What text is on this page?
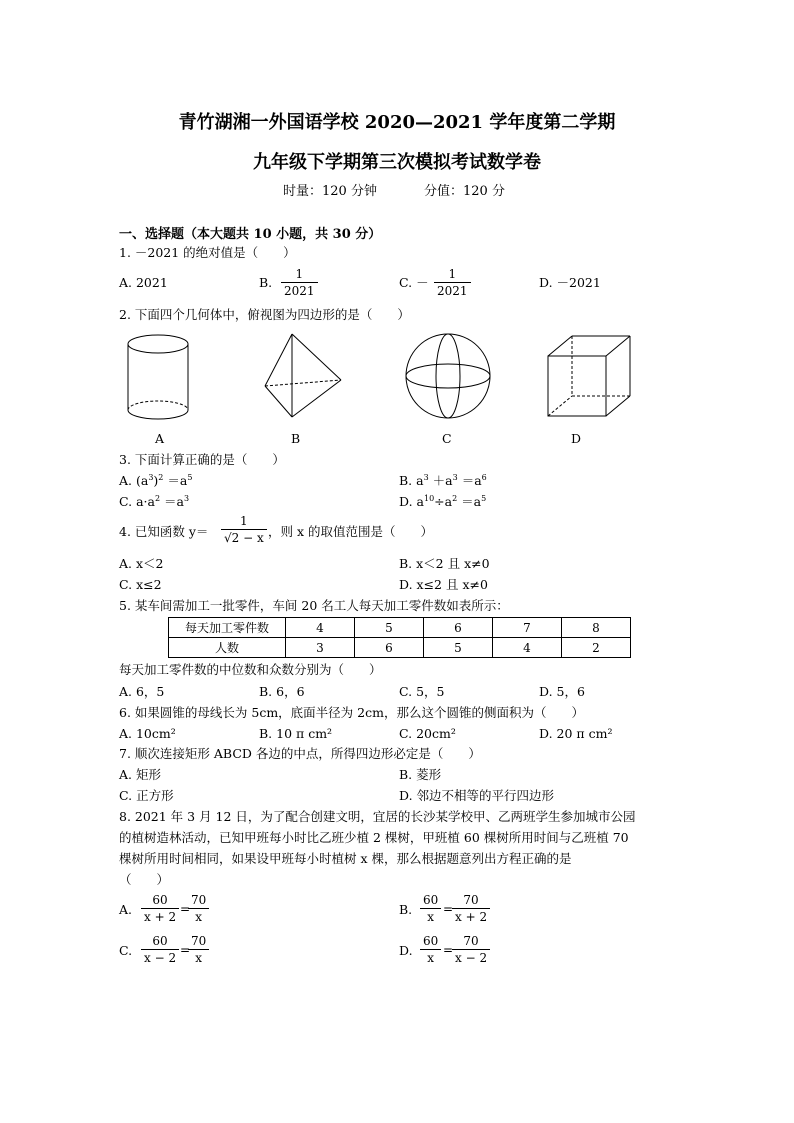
青竹湖湘一外国语学校 2020—2021 学年度第二学期
九年级下学期第三次模拟考试数学卷
时量：120 分钟	分值：120 分
一、选择题（本大题共 10 小题，共 30 分）
1. －2021 的绝对值是（　　）
A. 2021	B.
1
2021
C. －
1
2021
D. －2021
2. 下面四个几何体中，俯视图为四边形的是（　　）
A	B	C	D
3. 下面计算正确的是（　　）
A. $(a^3)^2 =a^5$	B. $a^3 +a^3 =a^6$
C. $a\cdot a^2 =a^3$	D. $a^{10}\div a^2 =a^5$
4. 已知函数 y＝
1
√2 − x ，则 x 的取值范围是（　　）
A. x＜2	B. x＜2 且 x≠0
C. x≤2	D. x≤2 且 x≠0
5. 某车间需加工一批零件，车间 20 名工人每天加工零件数如表所示：
每天加工零件数	4	5	6	7	8
人数	3	6	5	4	2
每天加工零件数的中位数和众数分别为（　　）
A. 6，5	B. 6，6	C. 5，5	D. 5，6
6. 如果圆锥的母线长为 5cm，底面半径为 2cm，那么这个圆锥的侧面积为（　　）
A. 10cm²	B. 10 π cm²	C. 20cm²	D. 20 π cm²
7. 顺次连接矩形 ABCD 各边的中点，所得四边形必定是（　　）
A. 矩形	B. 菱形
C. 正方形	D. 邻边不相等的平行四边形
8. 2021 年 3 月 12 日，为了配合创建文明，宜居的长沙某学校甲、乙两班学生参加城市公园
的植树造林活动，已知甲班每小时比乙班少植 2 棵树，甲班植 60 棵树所用时间与乙班植 70
棵树所用时间相同，如果设甲班每小时植树 x 棵，那么根据题意列出方程正确的是
（　　）
A.
60
x + 2
=
70
x	B.
60
x
=
70
x + 2
C.
60
x − 2
=
70
x	D.
60
x
=
70
x − 2
